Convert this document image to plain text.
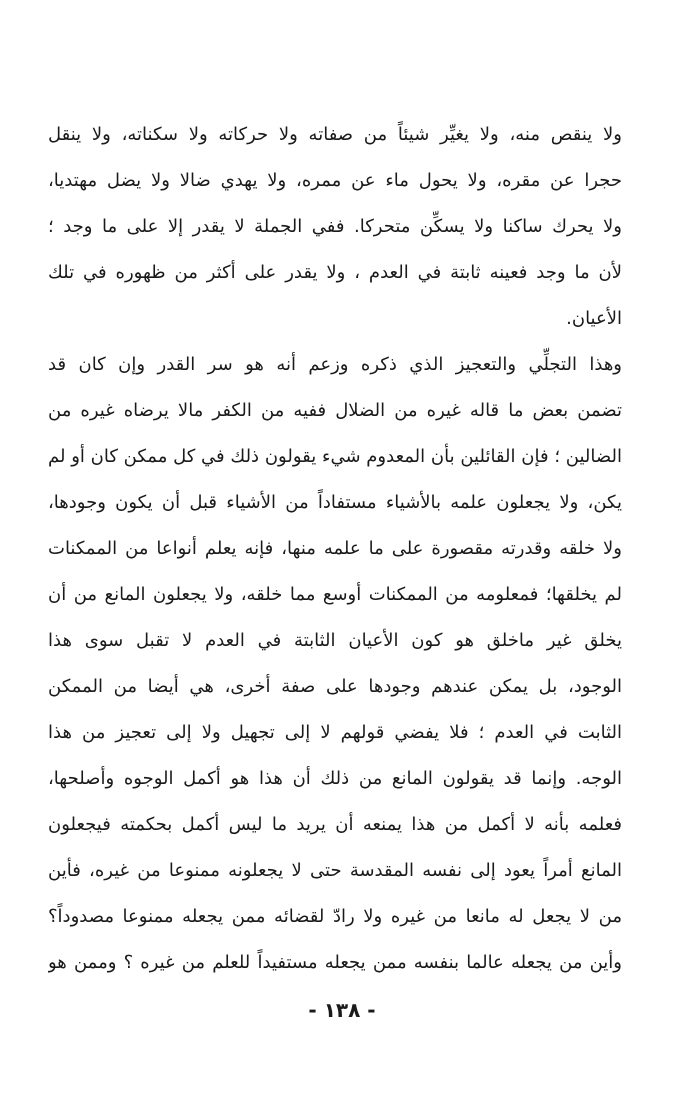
ولا ينقص منه، ولا يغيِّر شيئاً من صفاته ولا حركاته ولا سكناته، ولا ينقل
حجرا عن مقره، ولا يحول ماء عن ممره، ولا يهدي ضالا ولا يضل مهتديا،
ولا يحرك ساكنا ولا يسكِّن متحركا. ففي الجملة لا يقدر إلا على ما وجد ؛
لأن ما وجد فعينه ثابتة في العدم ، ولا يقدر على أكثر من ظهوره في تلك
الأعيان.
وهذا التجلِّي والتعجيز الذي ذكره وزعم أنه هو سر القدر وإن كان قد
تضمن بعض ما قاله غيره من الضلال ففيه من الكفر مالا يرضاه غيره من
الضالين ؛ فإن القائلين بأن المعدوم شيء يقولون ذلك في كل ممكن كان أو لم
يكن، ولا يجعلون علمه بالأشياء مستفاداً من الأشياء قبل أن يكون وجودها،
ولا خلقه وقدرته مقصورة على ما علمه منها، فإنه يعلم أنواعا من الممكنات
لم يخلقها؛ فمعلومه من الممكنات أوسع مما خلقه، ولا يجعلون المانع من أن
يخلق غير ماخلق هو كون الأعيان الثابتة في العدم لا تقبل سوى هذا
الوجود، بل يمكن عندهم وجودها على صفة أخرى، هي أيضا من الممكن
الثابت في العدم ؛ فلا يفضي قولهم لا إلى تجهيل ولا إلى تعجيز من هذا
الوجه. وإنما قد يقولون المانع من ذلك أن هذا هو أكمل الوجوه وأصلحها،
فعلمه بأنه لا أكمل من هذا يمنعه أن يريد ما ليس أكمل بحكمته فيجعلون
المانع أمراً يعود إلى نفسه المقدسة حتى لا يجعلونه ممنوعا من غيره، فأين
من لا يجعل له مانعا من غيره ولا رادّ لقضائه ممن يجعله ممنوعا مصدوداً؟
وأين من يجعله عالما بنفسه ممن يجعله مستفيداً للعلم من غيره ؟ وممن هو
- ١٣٨ -
